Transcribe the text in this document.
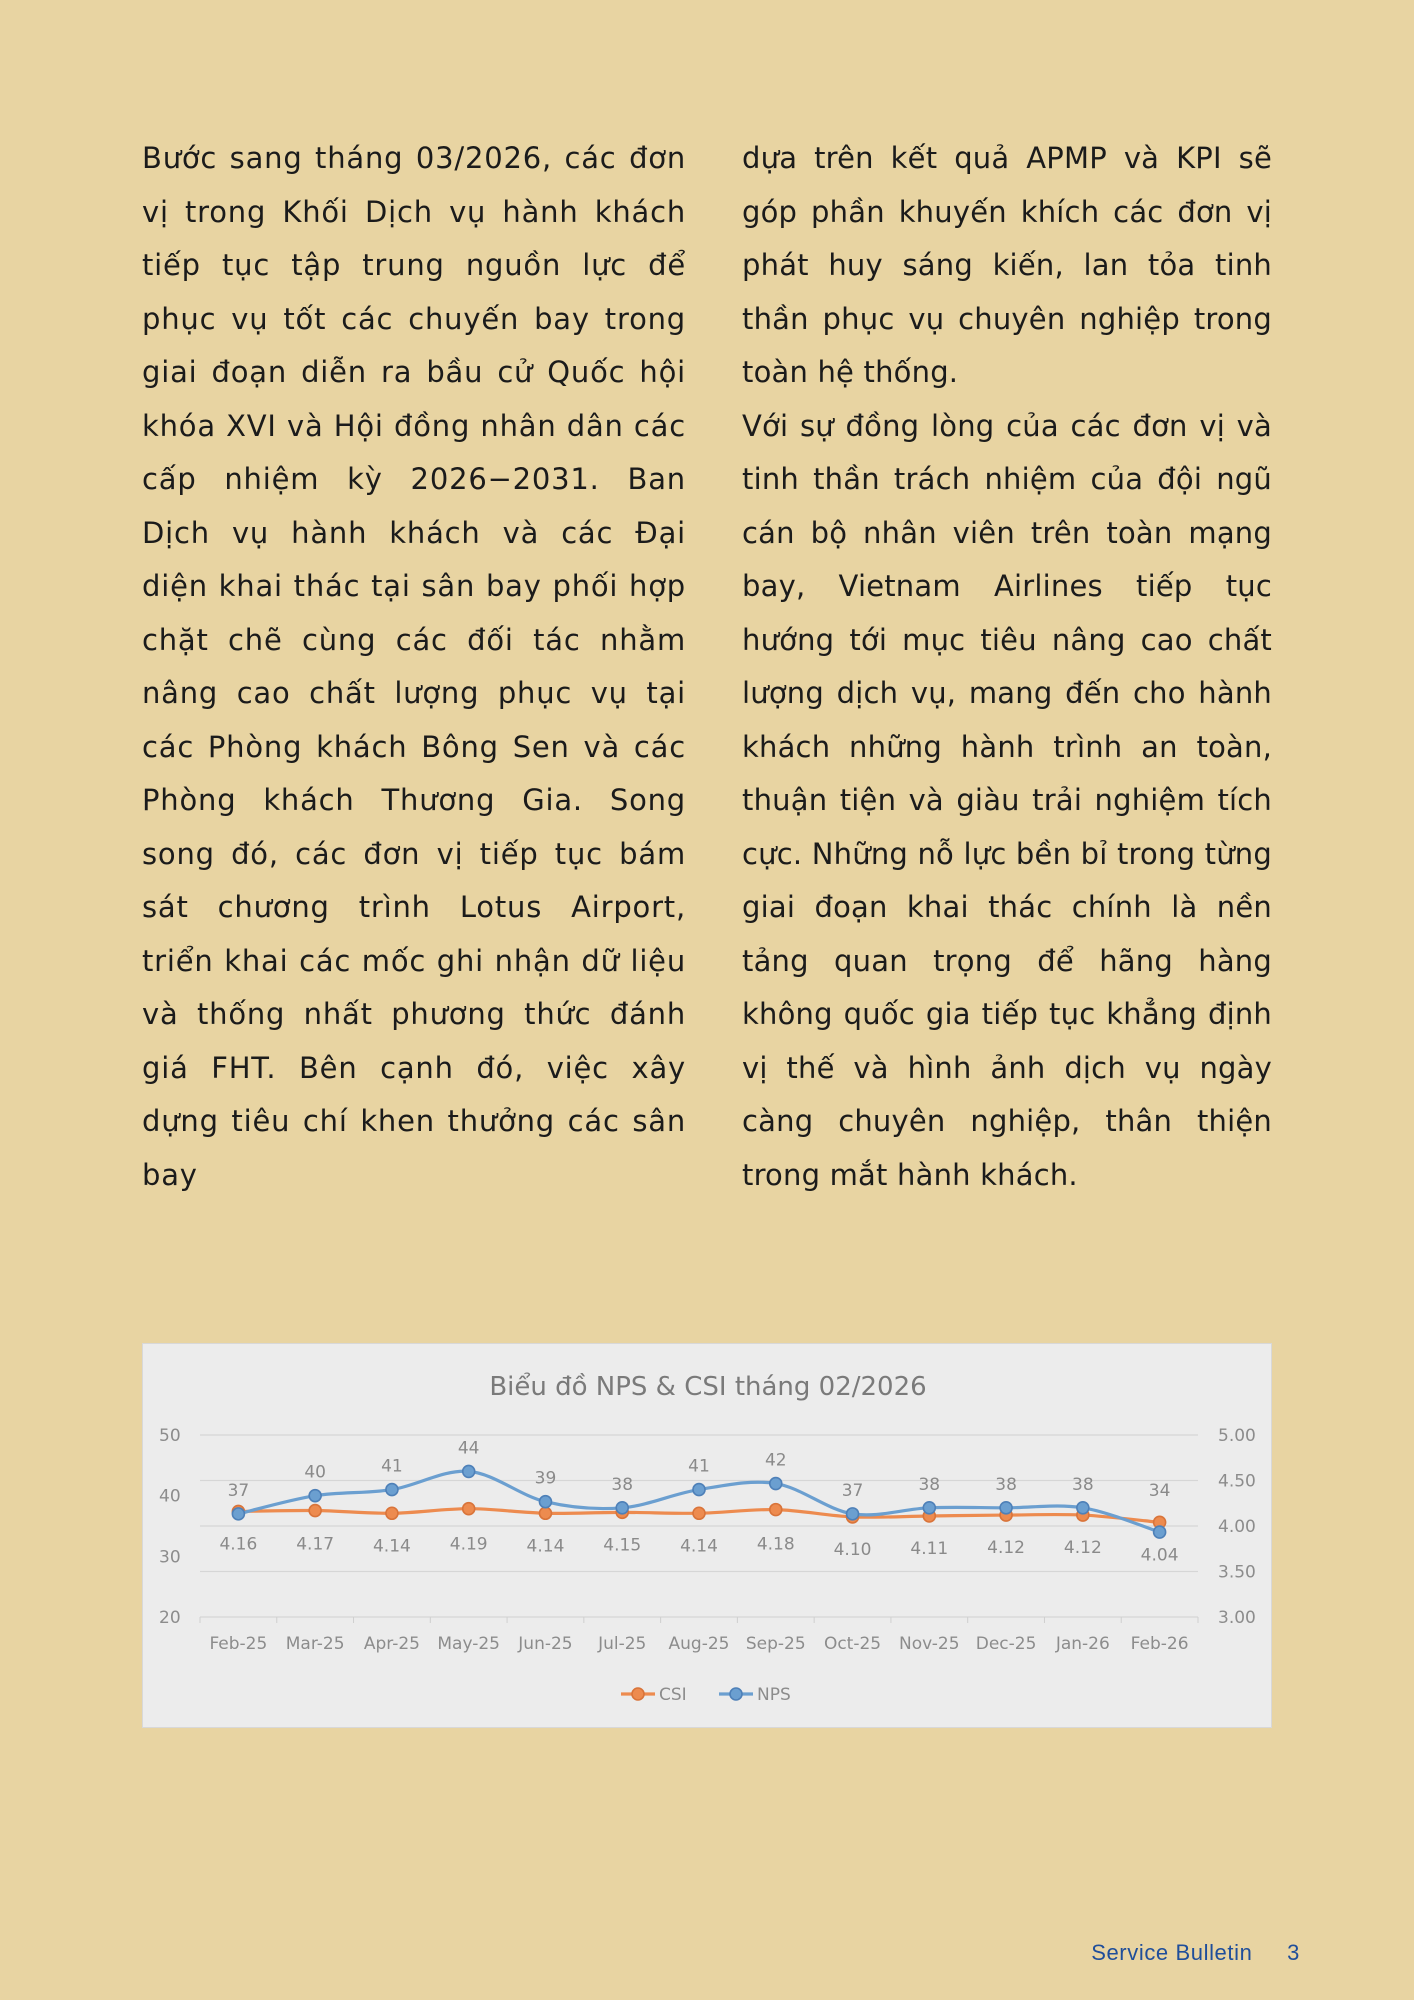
Bước sang tháng 03/2026, các đơn vị trong Khối Dịch vụ hành khách tiếp tục tập trung nguồn lực để phục vụ tốt các chuyến bay trong giai đoạn diễn ra bầu cử Quốc hội khóa XVI và Hội đồng nhân dân các cấp nhiệm kỳ 2026−2031. Ban Dịch vụ hành khách và các Đại diện khai thác tại sân bay phối hợp chặt chẽ cùng các đối tác nhằm nâng cao chất lượng phục vụ tại các Phòng khách Bông Sen và các Phòng khách Thương Gia. Song song đó, các đơn vị tiếp tục bám sát chương trình Lotus Airport, triển khai các mốc ghi nhận dữ liệu và thống nhất phương thức đánh giá FHT. Bên cạnh đó, việc xây dựng tiêu chí khen thưởng các sân bay

dựa trên kết quả APMP và KPI sẽ góp phần khuyến khích các đơn vị phát huy sáng kiến, lan tỏa tinh thần phục vụ chuyên nghiệp trong toàn hệ thống.

Với sự đồng lòng của các đơn vị và tinh thần trách nhiệm của đội ngũ cán bộ nhân viên trên toàn mạng bay, Vietnam Airlines tiếp tục hướng tới mục tiêu nâng cao chất lượng dịch vụ, mang đến cho hành khách những hành trình an toàn, thuận tiện và giàu trải nghiệm tích cực. Những nỗ lực bền bỉ trong từng giai đoạn khai thác chính là nền tảng quan trọng để hãng hàng không quốc gia tiếp tục khẳng định vị thế và hình ảnh dịch vụ ngày càng chuyên nghiệp, thân thiện trong mắt hành khách.

Biểu đồ NPS & CSI tháng 02/2026
5.00
4.50
4.00
3.50
3.00
50
40
30
20
Feb-25 Mar-25 Apr-25 May-25 Jun-25 Jul-25 Aug-25 Sep-25 Oct-25 Nov-25 Dec-25 Jan-26 Feb-26
4.16 4.17 4.14 4.19 4.14 4.15 4.14 4.18 4.10 4.11 4.12 4.12 4.04
37
40	41
44
39	38
41	42
37	38	38	38	34
CSI	NPS
Service Bulletin 3
